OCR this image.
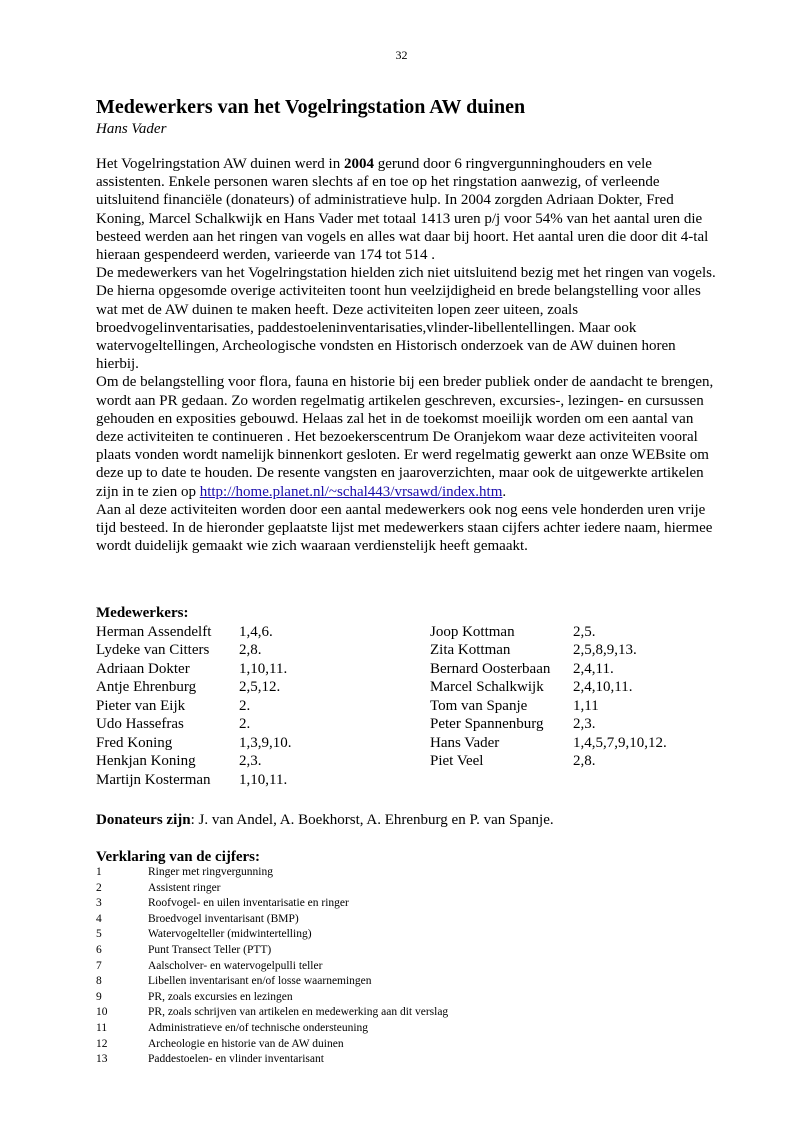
32
Medewerkers van het Vogelringstation AW duinen
Hans Vader

Het Vogelringstation AW duinen werd in 2004 gerund door 6 ringvergunninghouders en vele assistenten. Enkele personen waren slechts af en toe op het ringstation aanwezig, of verleende uitsluitend financiële (donateurs) of administratieve hulp. In 2004 zorgden Adriaan Dokter, Fred Koning, Marcel Schalkwijk en Hans Vader met totaal 1413 uren p/j voor 54% van het aantal uren die besteed werden aan het ringen van vogels en alles wat daar bij hoort. Het aantal uren die door dit 4-tal hieraan gespendeerd werden, varieerde van 174 tot 514 .

De medewerkers van het Vogelringstation hielden zich niet uitsluitend bezig met het ringen van vogels. De hierna opgesomde overige activiteiten toont hun veelzijdigheid en brede belangstelling voor alles wat met de AW duinen te maken heeft. Deze activiteiten lopen zeer uiteen, zoals broedvogelinventarisaties, paddestoeleninventarisaties,vlinder-libellentellingen. Maar ook watervogeltellingen, Archeologische vondsten en Historisch onderzoek van de AW duinen horen hierbij.

Om de belangstelling voor flora, fauna en historie bij een breder publiek onder de aandacht te brengen, wordt aan PR gedaan. Zo worden regelmatig artikelen geschreven, excursies-, lezingen- en cursussen gehouden en exposities gebouwd. Helaas zal het in de toekomst moeilijk worden om een aantal van deze activiteiten te continueren . Het bezoekerscentrum De Oranjekom waar deze activiteiten vooral plaats vonden wordt namelijk binnenkort gesloten. Er werd regelmatig gewerkt aan onze WEBsite om deze up to date te houden. De resente vangsten en jaaroverzichten, maar ook de uitgewerkte artikelen zijn in te zien op http://home.planet.nl/~schal443/vrsawd/index.htm.

Aan al deze activiteiten worden door een aantal medewerkers ook nog eens vele honderden uren vrije tijd besteed. In de hieronder geplaatste lijst met medewerkers staan cijfers achter iedere naam, hiermee wordt duidelijk gemaakt wie zich waaraan verdienstelijk heeft gemaakt.

Medewerkers:
Herman Assendelft 1,4,6.
Lydeke van Citters 2,8.
Adriaan Dokter	1,10,11.
Antje Ehrenburg	2,5,12.
Pieter van Eijk	2.
Udo Hassefras	2.
Fred Koning	1,3,9,10.
Henkjan Koning	2,3.
Martijn Kosterman 1,10,11.
Joop Kottman	2,5.
Zita Kottman	2,5,8,9,13.
Bernard Oosterbaan 2,4,11.
Marcel Schalkwijk 2,4,10,11.
Tom van Spanje	1,11
Peter Spannenburg 2,3.
Hans Vader	1,4,5,7,9,10,12.
Piet Veel	2,8.
Donateurs zijn: J. van Andel, A. Boekhorst, A. Ehrenburg en P. van Spanje.
Verklaring van de cijfers:
1	Ringer met ringvergunning
2	Assistent ringer
3	Roofvogel- en uilen inventarisatie en ringer
4	Broedvogel inventarisant (BMP)
5	Watervogelteller (midwintertelling)
6	Punt Transect Teller (PTT)
7	Aalscholver- en watervogelpulli teller
8	Libellen inventarisant en/of losse waarnemingen
9	PR, zoals excursies en lezingen
10	PR, zoals schrijven van artikelen en medewerking aan dit verslag
11	Administratieve en/of technische ondersteuning
12	Archeologie en historie van de AW duinen
13	Paddestoelen- en vlinder inventarisant
